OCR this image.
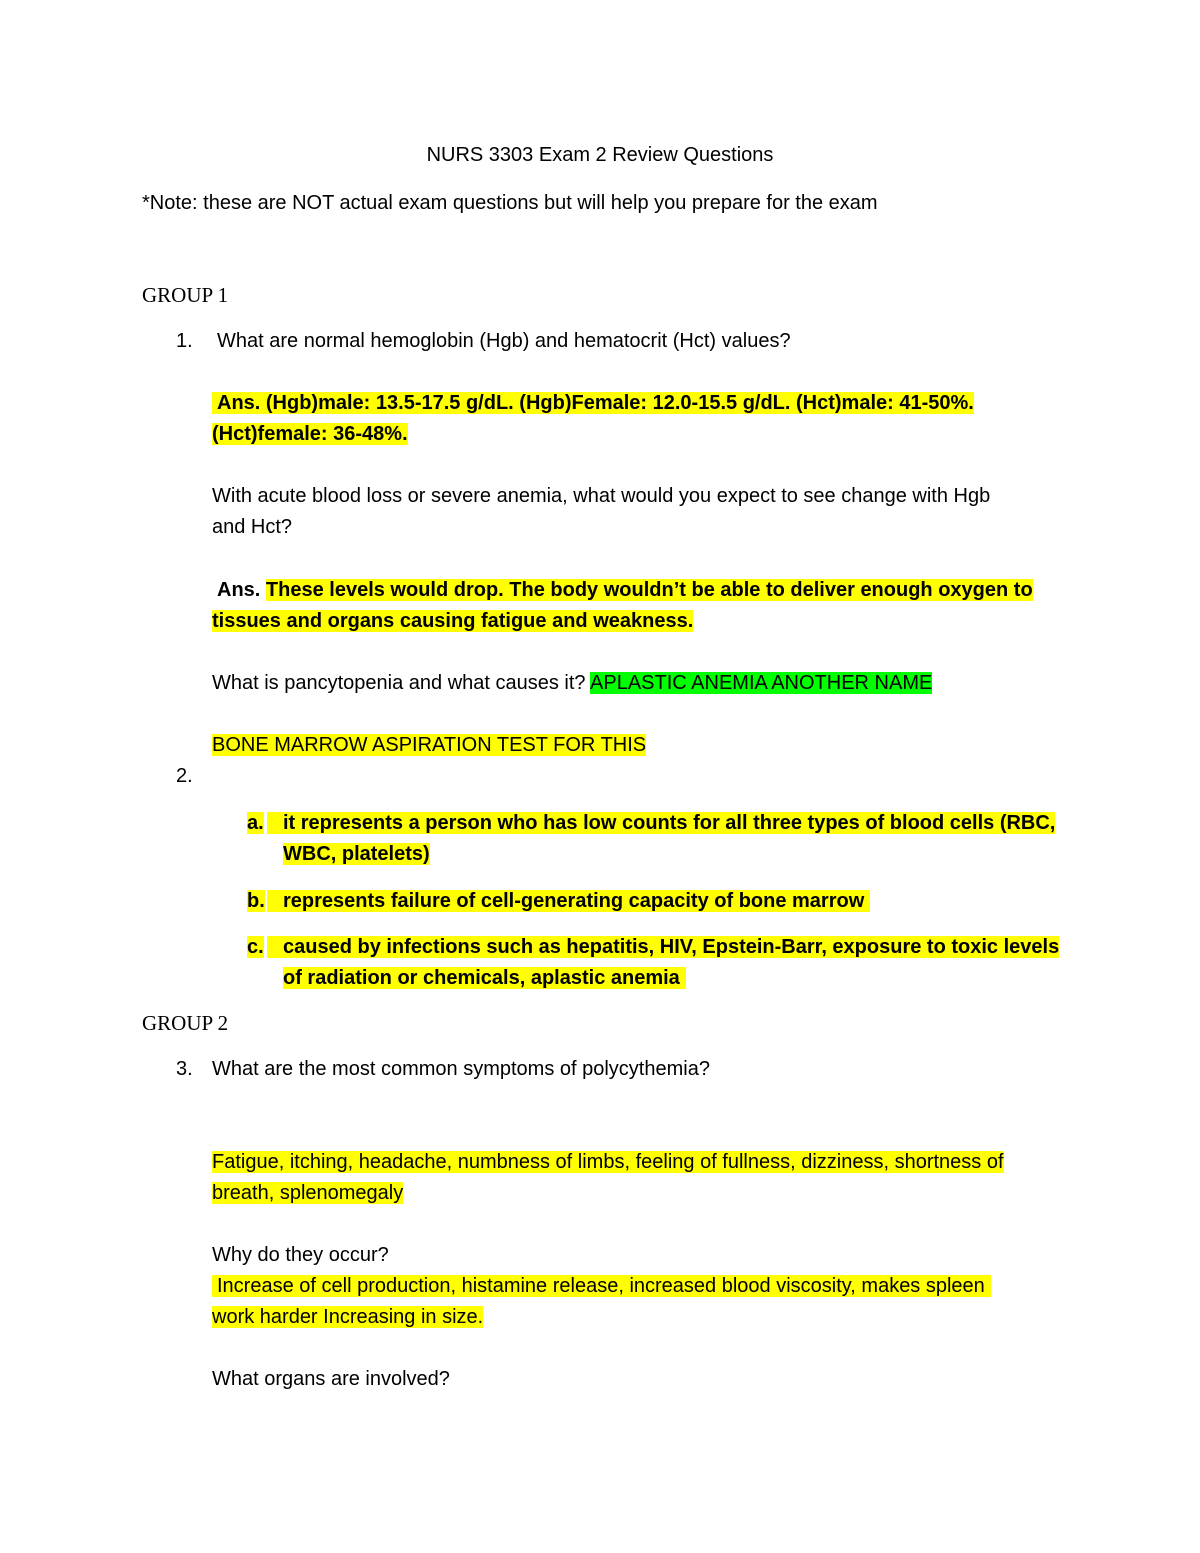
NURS 3303 Exam 2 Review Questions
*Note: these are NOT actual exam questions but will help you prepare for the exam
GROUP 1
1. What are normal hemoglobin (Hgb) and hematocrit (Hct) values?
Ans. (Hgb)male: 13.5-17.5 g/dL. (Hgb)Female: 12.0-15.5 g/dL. (Hct)male: 41-50%.
(Hct)female: 36-48%.
With acute blood loss or severe anemia, what would you expect to see change with Hgb
and Hct?
Ans. These levels would drop. The body wouldn’t be able to deliver enough oxygen to
tissues and organs causing fatigue and weakness.
What is pancytopenia and what causes it? APLASTIC ANEMIA ANOTHER NAME
BONE MARROW ASPIRATION TEST FOR THIS
2.
a. it represents a person who has low counts for all three types of blood cells (RBC,
WBC, platelets)
b. represents failure of cell-generating capacity of bone marrow
c. caused by infections such as hepatitis, HIV, Epstein-Barr, exposure to toxic levels
of radiation or chemicals, aplastic anemia
GROUP 2
3. What are the most common symptoms of polycythemia?
Fatigue, itching, headache, numbness of limbs, feeling of fullness, dizziness, shortness of
breath, splenomegaly
Why do they occur?
Increase of cell production, histamine release, increased blood viscosity, makes spleen
work harder Increasing in size.
What organs are involved?
